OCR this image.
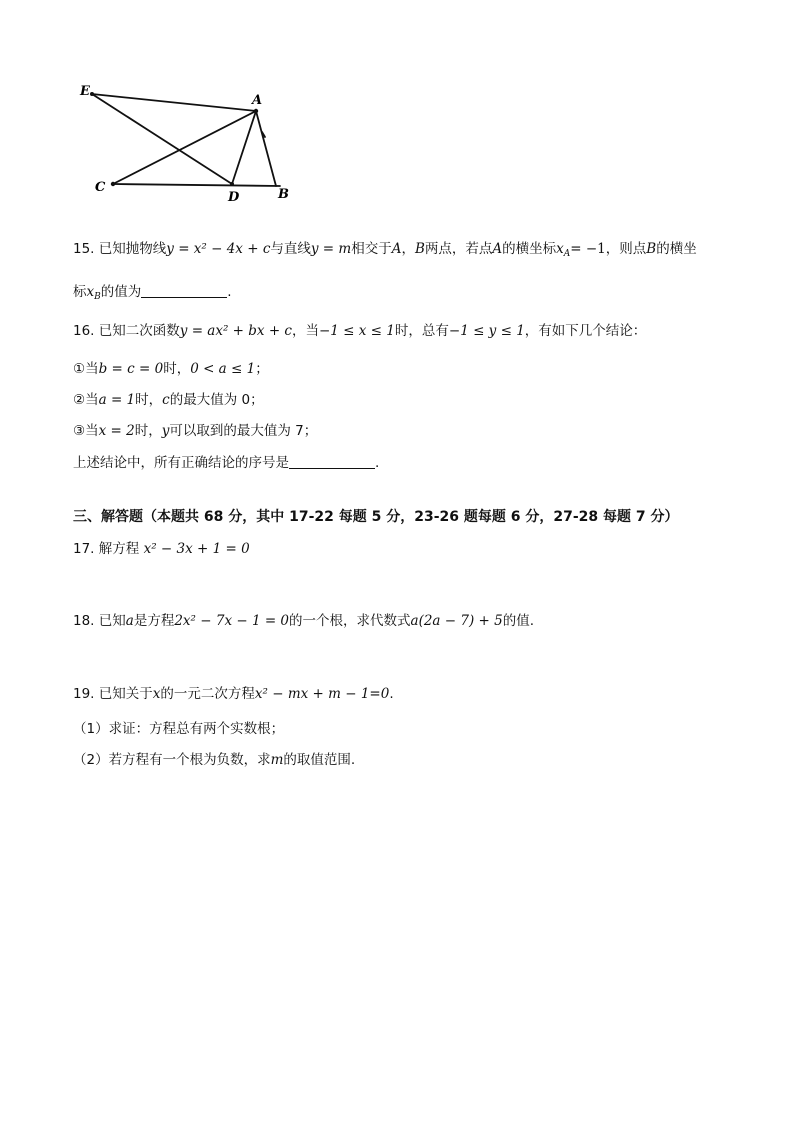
E
A
C
D	B
15. 已知抛物线y = x² − 4x + c与直线y = m相交于A，B两点，若点A的横坐标$x_A= -1$，则点B的横坐
标$x_B$的值为	.
16. 已知二次函数y = ax² + bx + c，当−1 ≤ x ≤ 1时，总有−1 ≤ y ≤ 1，有如下几个结论：
①当b = c = 0时，0 < a ≤ 1；
②当a = 1时，c的最大值为 0；
③当x = 2时，y可以取到的最大值为 7；
上述结论中，所有正确结论的序号是	.
三、解答题（本题共 68 分，其中 17-22 每题 5 分，23-26 题每题 6 分，27-28 每题 7 分）
17. 解方程 x² − 3x + 1 = 0
18. 已知a是方程2x² − 7x − 1 = 0的一个根，求代数式a(2a − 7) + 5的值.
19. 已知关于x的一元二次方程x² − mx + m − 1=0.
（1）求证：方程总有两个实数根；
（2）若方程有一个根为负数，求m的取值范围.
